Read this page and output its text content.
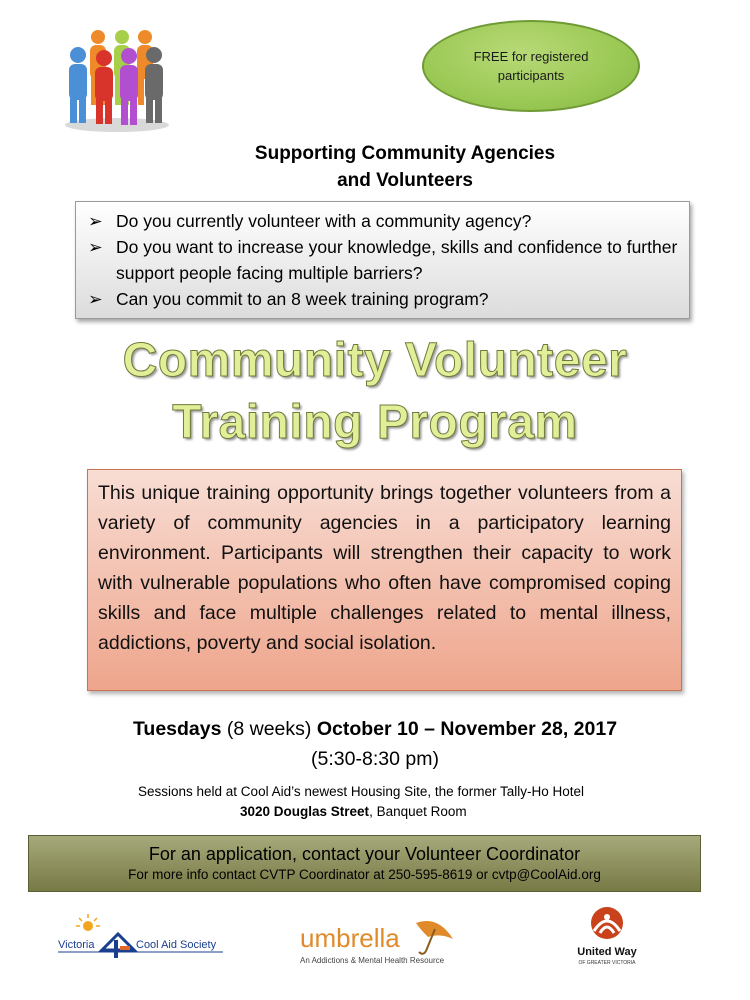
FREE for registered participants
Supporting Community Agencies
and Volunteers
➢ Do you currently volunteer with a community agency?
➢ Do you want to increase your knowledge, skills and confidence to further support people facing multiple barriers?
➢ Can you commit to an 8 week training program?
Community Volunteer
Training Program
This unique training opportunity brings together volunteers from a variety of community agencies in a participatory learning environment. Participants will strengthen their capacity to work with vulnerable populations who often have compromised coping skills and face multiple challenges related to mental illness, addictions, poverty and social isolation.
Tuesdays (8 weeks) October 10 – November 28, 2017
(5:30-8:30 pm)
Sessions held at Cool Aid’s newest Housing Site, the former Tally-Ho Hotel
3020 Douglas Street, Banquet Room
For an application, contact your Volunteer Coordinator
For more info contact CVTP Coordinator at 250-595-8619 or cvtp@CoolAid.org
Victoria	Cool Aid Society	umbrella
An Addictions & Mental Health Resource
United Way
OF GREATER VICTORIA
